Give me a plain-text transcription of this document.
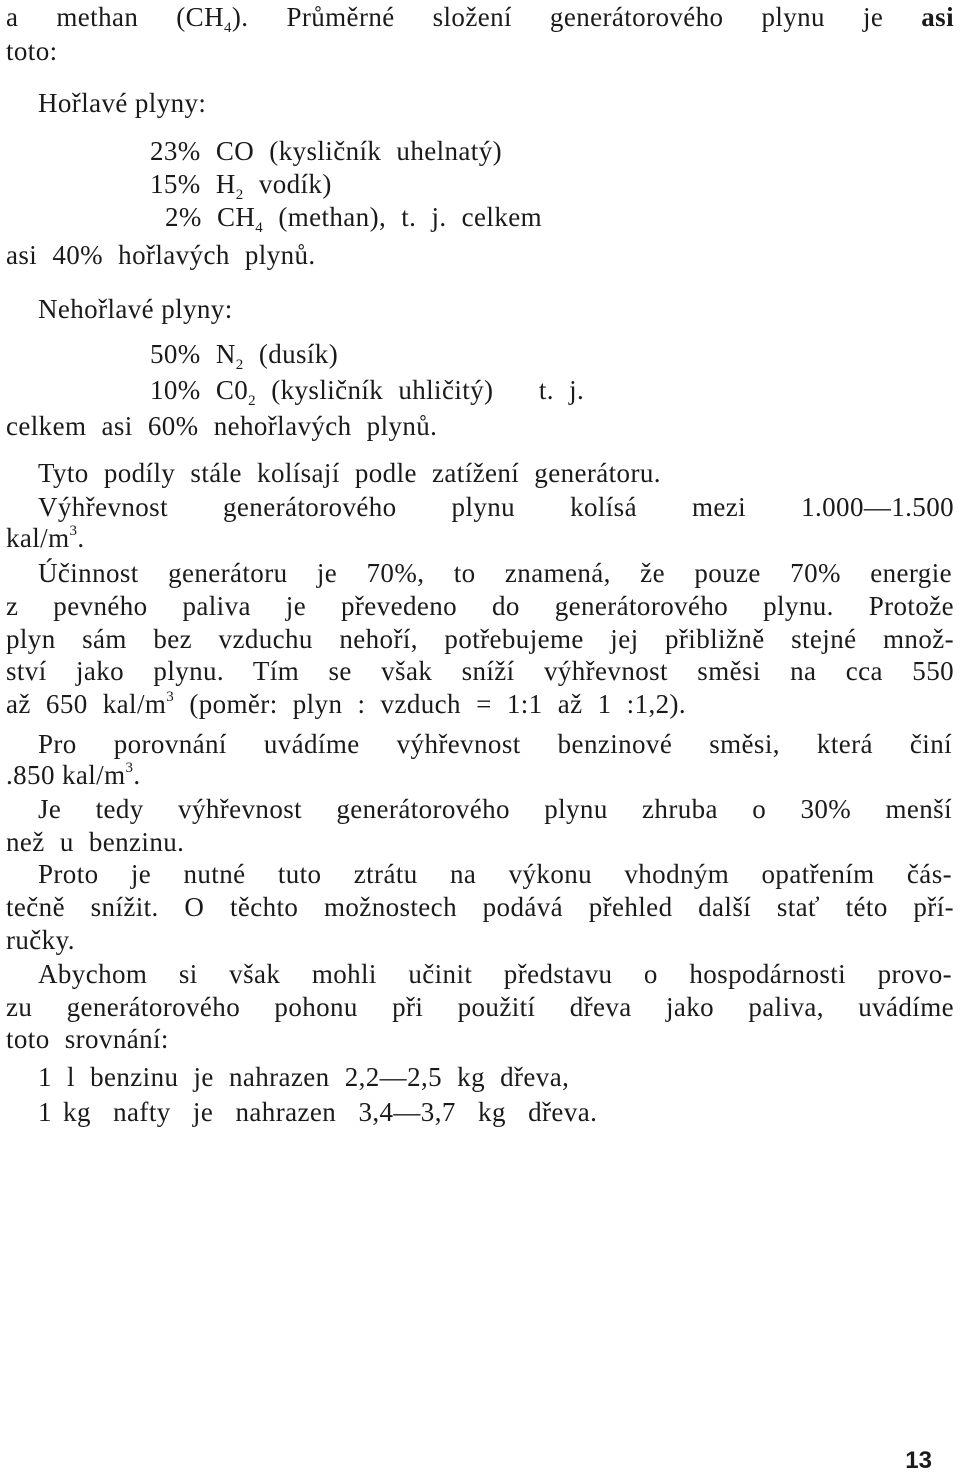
a methan $(CH_4)$. Průměrné složení generátorového plynu je asi
toto:
Hořlavé plyny:
23% CO (kysličník uhelnatý)
15% $H_2$ vodík)
2% $CH_4$ (methan), t. j. celkem
asi 40% hořlavých plynů.
Nehořlavé plyny:
50% $N_2$ (dusík)
10% $C0_2$ (kysličník uhličitý)   t. j.
celkem asi 60% nehořlavých plynů.
Tyto podíly stále kolísají podle zatížení generátoru.
Výhřevnost generátorového plynu kolísá mezi 1.000—1.500
kal/$m^3$.
Účinnost generátoru je 70%, to znamená, že pouze 70% energie
z pevného paliva je převedeno do generátorového plynu. Protože
plyn sám bez vzduchu nehoří, potřebujeme jej přibližně stejné množ-
ství jako plynu. Tím se však sníží výhřevnost směsi na cca 550
až 650 kal/$m^3$ (poměr: plyn : vzduch = 1:1 až 1 :1,2).
Pro porovnání uvádíme výhřevnost benzinové směsi, která činí
.850 kal/$m^3$.
Je tedy výhřevnost generátorového plynu zhruba o 30% menší
než u benzinu.
Proto je nutné tuto ztrátu na výkonu vhodným opatřením čás-
tečně snížit. O těchto možnostech podává přehled další stať této pří-
ručky.
Abychom si však mohli učinit představu o hospodárnosti provo-
zu generátorového pohonu při použití dřeva jako paliva, uvádíme
toto srovnání:
1 l benzinu je nahrazen 2,2—2,5 kg dřeva,
1 kg  nafty  je  nahrazen  3,4—3,7  kg  dřeva.
13
